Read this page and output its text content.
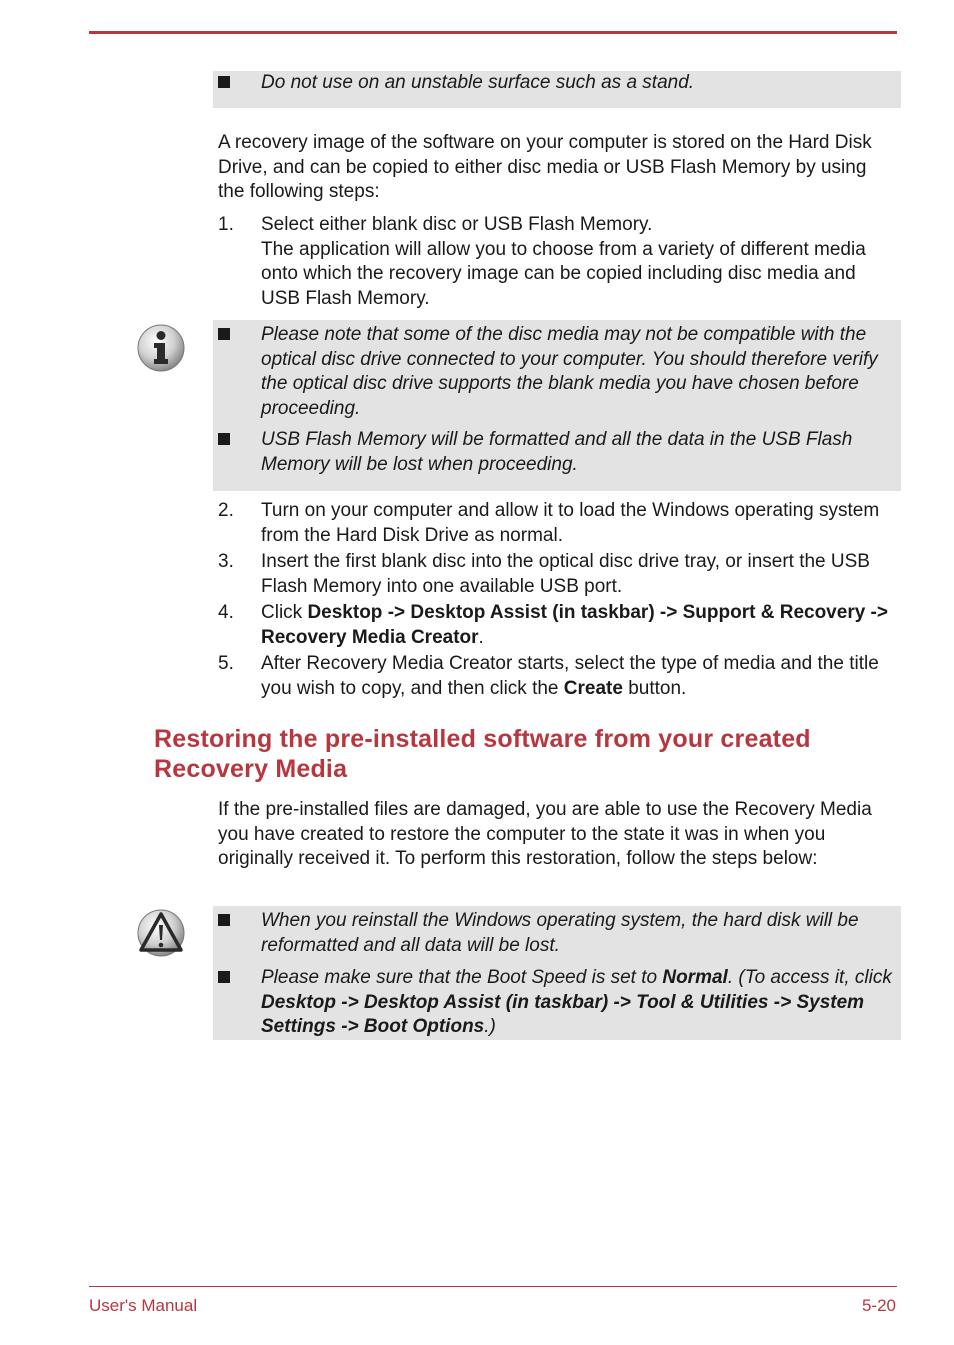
Do not use on an unstable surface such as a stand.
A recovery image of the software on your computer is stored on the Hard Disk Drive, and can be copied to either disc media or USB Flash Memory by using the following steps:
1. Select either blank disc or USB Flash Memory.
The application will allow you to choose from a variety of different media onto which the recovery image can be copied including disc media and USB Flash Memory.
Please note that some of the disc media may not be compatible with the optical disc drive connected to your computer. You should therefore verify the optical disc drive supports the blank media you have chosen before proceeding.
USB Flash Memory will be formatted and all the data in the USB Flash Memory will be lost when proceeding.
2. Turn on your computer and allow it to load the Windows operating system from the Hard Disk Drive as normal.
3. Insert the first blank disc into the optical disc drive tray, or insert the USB Flash Memory into one available USB port.
4. Click Desktop -> Desktop Assist (in taskbar) -> Support & Recovery -> Recovery Media Creator.
5. After Recovery Media Creator starts, select the type of media and the title you wish to copy, and then click the Create button.
Restoring the pre-installed software from your created Recovery Media
If the pre-installed files are damaged, you are able to use the Recovery Media you have created to restore the computer to the state it was in when you originally received it. To perform this restoration, follow the steps below:
When you reinstall the Windows operating system, the hard disk will be reformatted and all data will be lost.
Please make sure that the Boot Speed is set to Normal. (To access it, click Desktop -> Desktop Assist (in taskbar) -> Tool & Utilities -> System Settings -> Boot Options.)
User's Manual	5-20
